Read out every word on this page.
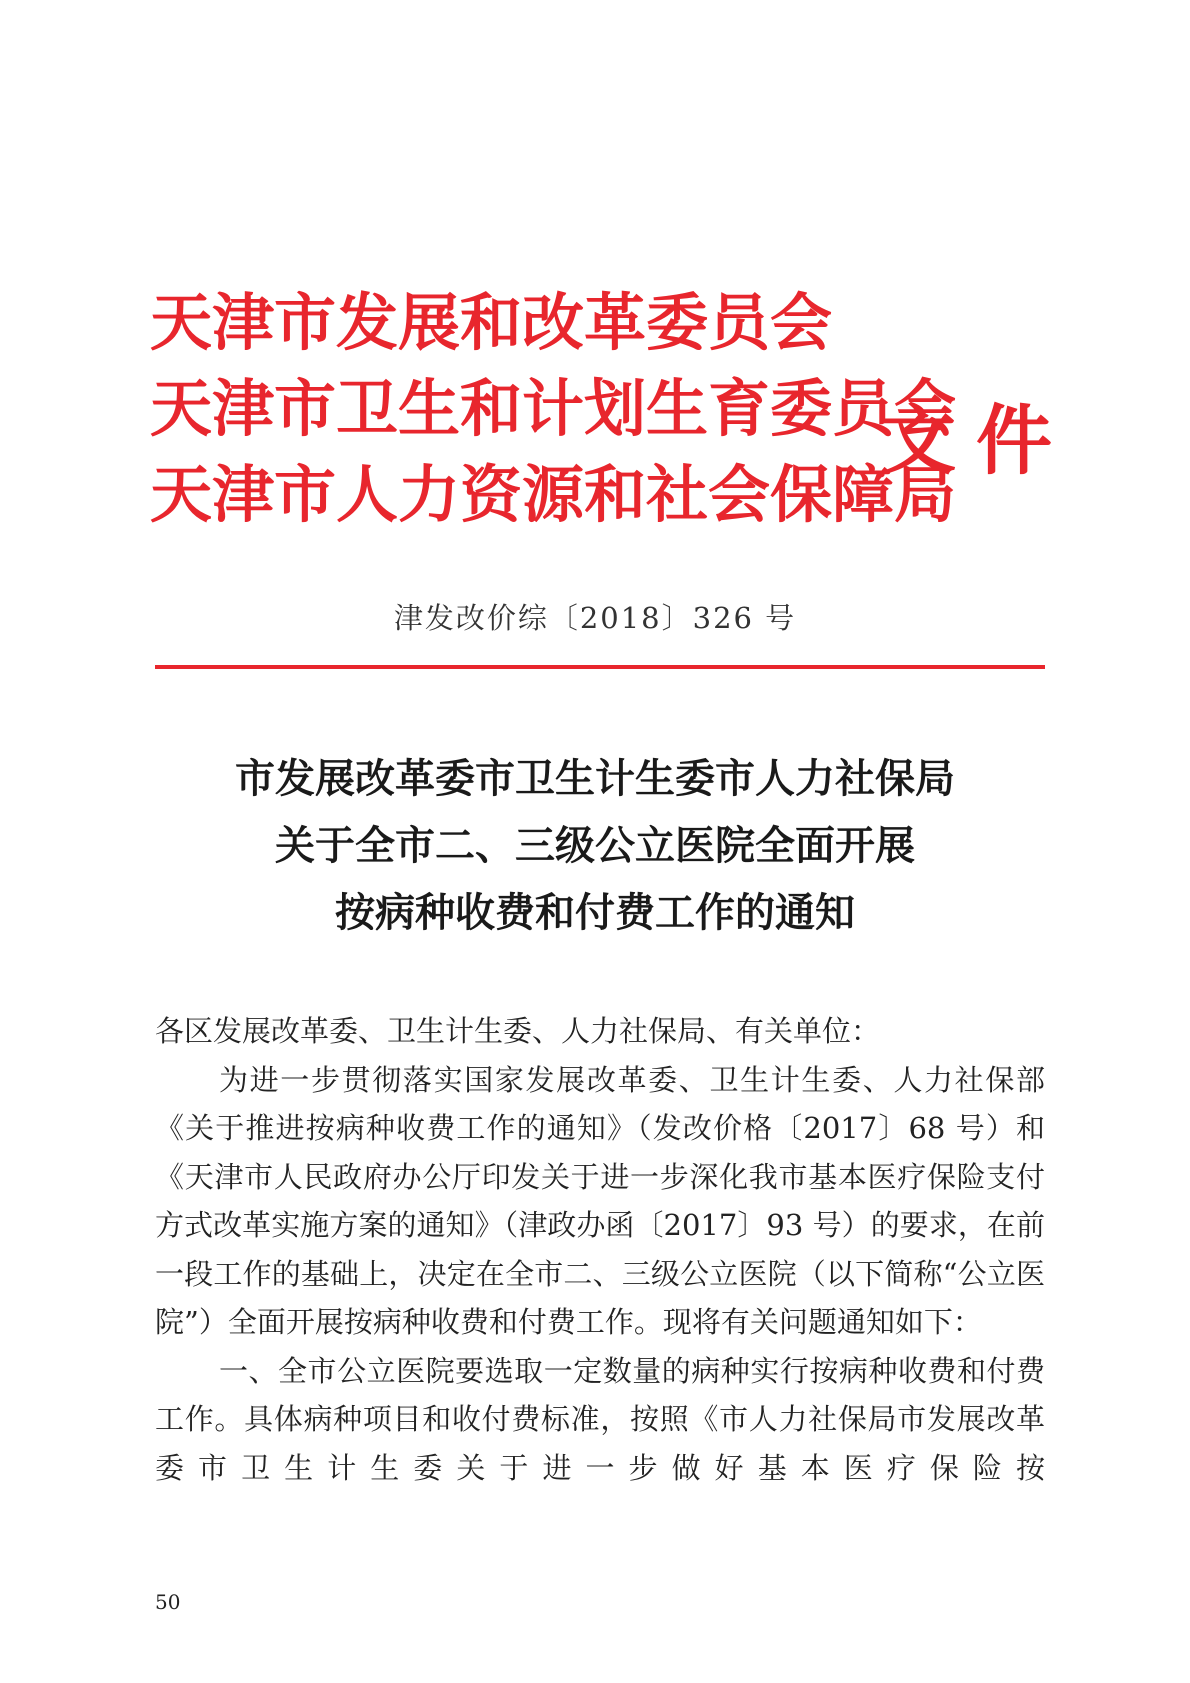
天津市发展和改革委员会
天津市卫生和计划生育委员会
天津市人力资源和社会保障局
文件
津发改价综〔2018〕326 号
市发展改革委市卫生计生委市人力社保局
关于全市二、三级公立医院全面开展
按病种收费和付费工作的通知

各区发展改革委、卫生计生委、人力社保局、有关单位：

为进一步贯彻落实国家发展改革委、卫生计生委、人力社保部《关于推进按病种收费工作的通知》（发改价格〔2017〕68 号）和《天津市人民政府办公厅印发关于进一步深化我市基本医疗保险支付方式改革实施方案的通知》（津政办函〔2017〕93 号）的要求，在前一段工作的基础上，决定在全市二、三级公立医院（以下简称“公立医院”）全面开展按病种收费和付费工作。现将有关问题通知如下：

一、全市公立医院要选取一定数量的病种实行按病种收费和付费工作。具体病种项目和收付费标准，按照《市人力社保局市发展改革委市卫生计生委关于进一步做好基本医疗保险按

50
